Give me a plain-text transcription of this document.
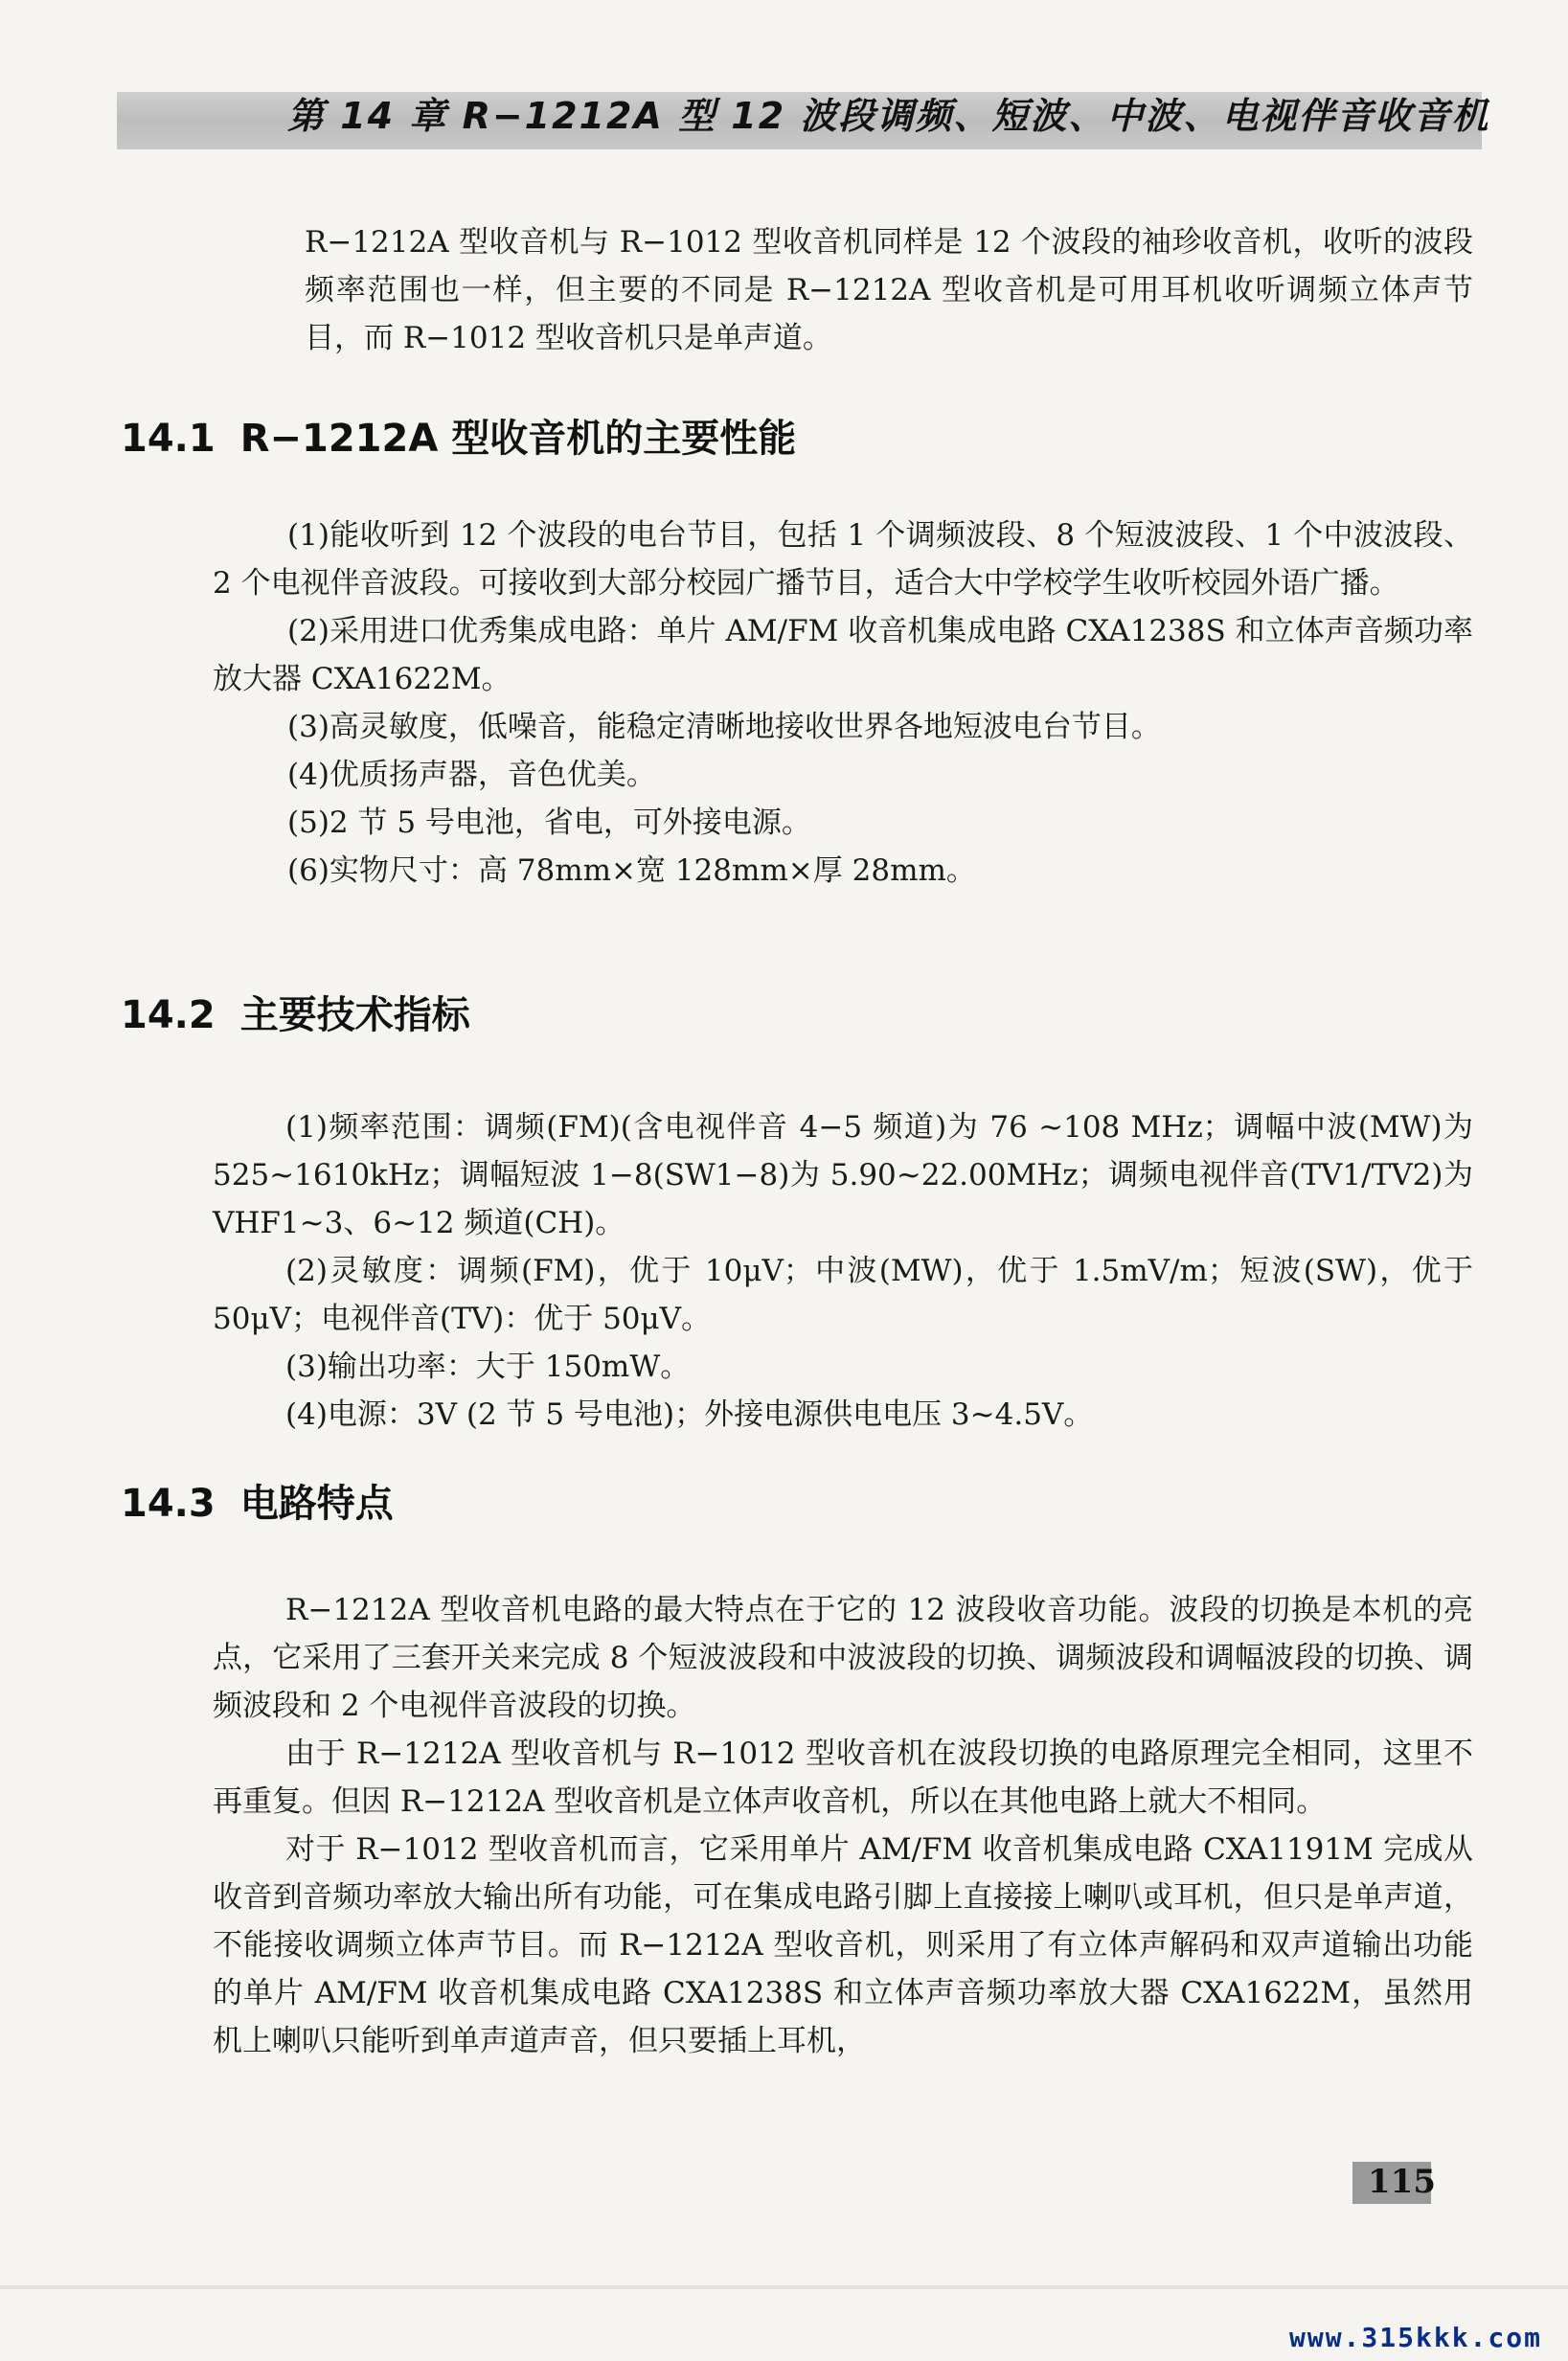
第 14 章 R−1212A 型 12 波段调频、短波、中波、电视伴音收音机

R−1212A 型收音机与 R−1012 型收音机同样是 12 个波段的袖珍收音机，收听的波段频率范围也一样，但主要的不同是 R−1212A 型收音机是可用耳机收听调频立体声节目，而 R−1012 型收音机只是单声道。

14.1 R−1212A 型收音机的主要性能
(1)能收听到 12 个波段的电台节目，包括 1 个调频波段、8 个短波波段、1 个中波波段、2 个电视伴音波段。可接收到大部分校园广播节目，适合大中学校学生收听校园外语广播。
(2)采用进口优秀集成电路：单片 AM/FM 收音机集成电路 CXA1238S 和立体声音频功率放大器 CXA1622M。
(3)高灵敏度，低噪音，能稳定清晰地接收世界各地短波电台节目。
(4)优质扬声器，音色优美。
(5)2 节 5 号电池，省电，可外接电源。
(6)实物尺寸：高 78mm×宽 128mm×厚 28mm。
14.2 主要技术指标
(1)频率范围：调频(FM)(含电视伴音 4−5 频道)为 76 ~108 MHz；调幅中波(MW)为 525~1610kHz；调幅短波 1−8(SW1−8)为 5.90~22.00MHz；调频电视伴音(TV1/TV2)为 VHF1~3、6~12 频道(CH)。
(2)灵敏度：调频(FM)，优于 10μV；中波(MW)，优于 1.5mV/m；短波(SW)，优于 50μV；电视伴音(TV)：优于 50μV。
(3)输出功率：大于 150mW。
(4)电源：3V (2 节 5 号电池)；外接电源供电电压 3~4.5V。
14.3 电路特点

R−1212A 型收音机电路的最大特点在于它的 12 波段收音功能。波段的切换是本机的亮点，它采用了三套开关来完成 8 个短波波段和中波波段的切换、调频波段和调幅波段的切换、调频波段和 2 个电视伴音波段的切换。

由于 R−1212A 型收音机与 R−1012 型收音机在波段切换的电路原理完全相同，这里不再重复。但因 R−1212A 型收音机是立体声收音机，所以在其他电路上就大不相同。

对于 R−1012 型收音机而言，它采用单片 AM/FM 收音机集成电路 CXA1191M 完成从收音到音频功率放大输出所有功能，可在集成电路引脚上直接接上喇叭或耳机，但只是单声道，不能接收调频立体声节目。而 R−1212A 型收音机，则采用了有立体声解码和双声道输出功能的单片 AM/FM 收音机集成电路 CXA1238S 和立体声音频功率放大器 CXA1622M，虽然用机上喇叭只能听到单声道声音，但只要插上耳机，

115
www.315kkk.com
